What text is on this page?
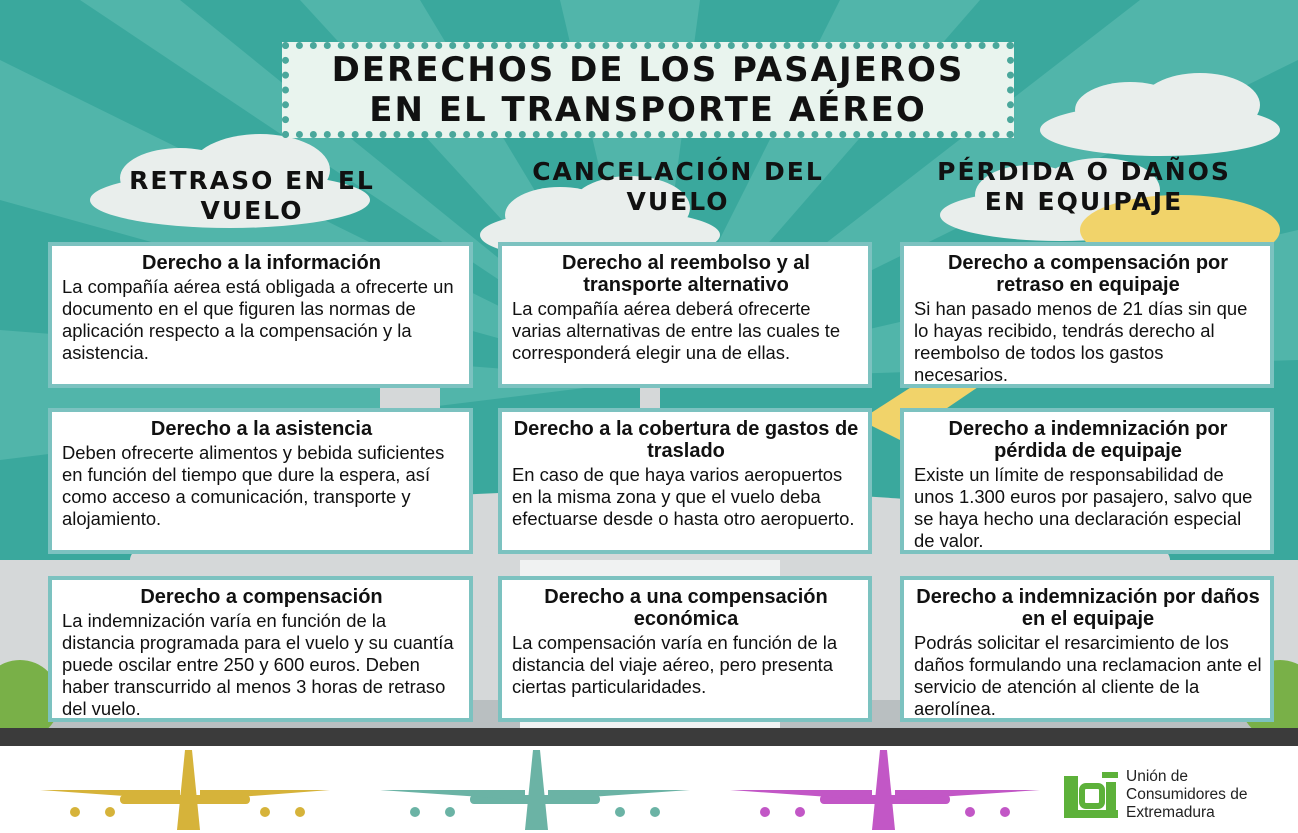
DERECHOS DE LOS PASAJEROS
EN EL TRANSPORTE AÉREO
RETRASO EN EL
VUELO
CANCELACIÓN DEL
VUELO
PÉRDIDA O DAÑOS
EN EQUIPAJE
Derecho a la información
La compañía aérea está obligada a ofrecerte un documento en el que figuren las normas de aplicación respecto a la compensación y la asistencia.
Derecho al reembolso y al transporte alternativo
La compañía aérea deberá ofrecerte varias alternativas de entre las cuales te corresponderá elegir una de ellas.
Derecho a compensación por retraso en equipaje
Si han pasado menos de 21 días sin que lo hayas recibido, tendrás derecho al reembolso de todos los gastos necesarios.
Derecho a la asistencia
Deben ofrecerte alimentos y bebida suficientes en función del tiempo que dure la espera, así como acceso a comunicación, transporte y alojamiento.
Derecho a la cobertura de gastos de traslado
En caso de que haya varios aeropuertos en la misma zona y que el vuelo deba efectuarse desde o hasta otro aeropuerto.
Derecho a indemnización por pérdida de equipaje
Existe un límite de responsabilidad de unos 1.300 euros por pasajero, salvo que se haya hecho una declaración especial de valor.
Derecho a compensación
La indemnización varía en función de la distancia programada para el vuelo y su cuantía puede oscilar entre 250 y 600 euros. Deben haber transcurrido al menos 3 horas de retraso del vuelo.
Derecho a una compensación económica
La compensación varía en función de la distancia del viaje aéreo, pero presenta ciertas particularidades.
Derecho a indemnización por daños en el equipaje
Podrás solicitar el resarcimiento de los daños formulando una reclamacion ante el servicio de atención al cliente de la aerolínea.
Unión de
Consumidores de
Extremadura
